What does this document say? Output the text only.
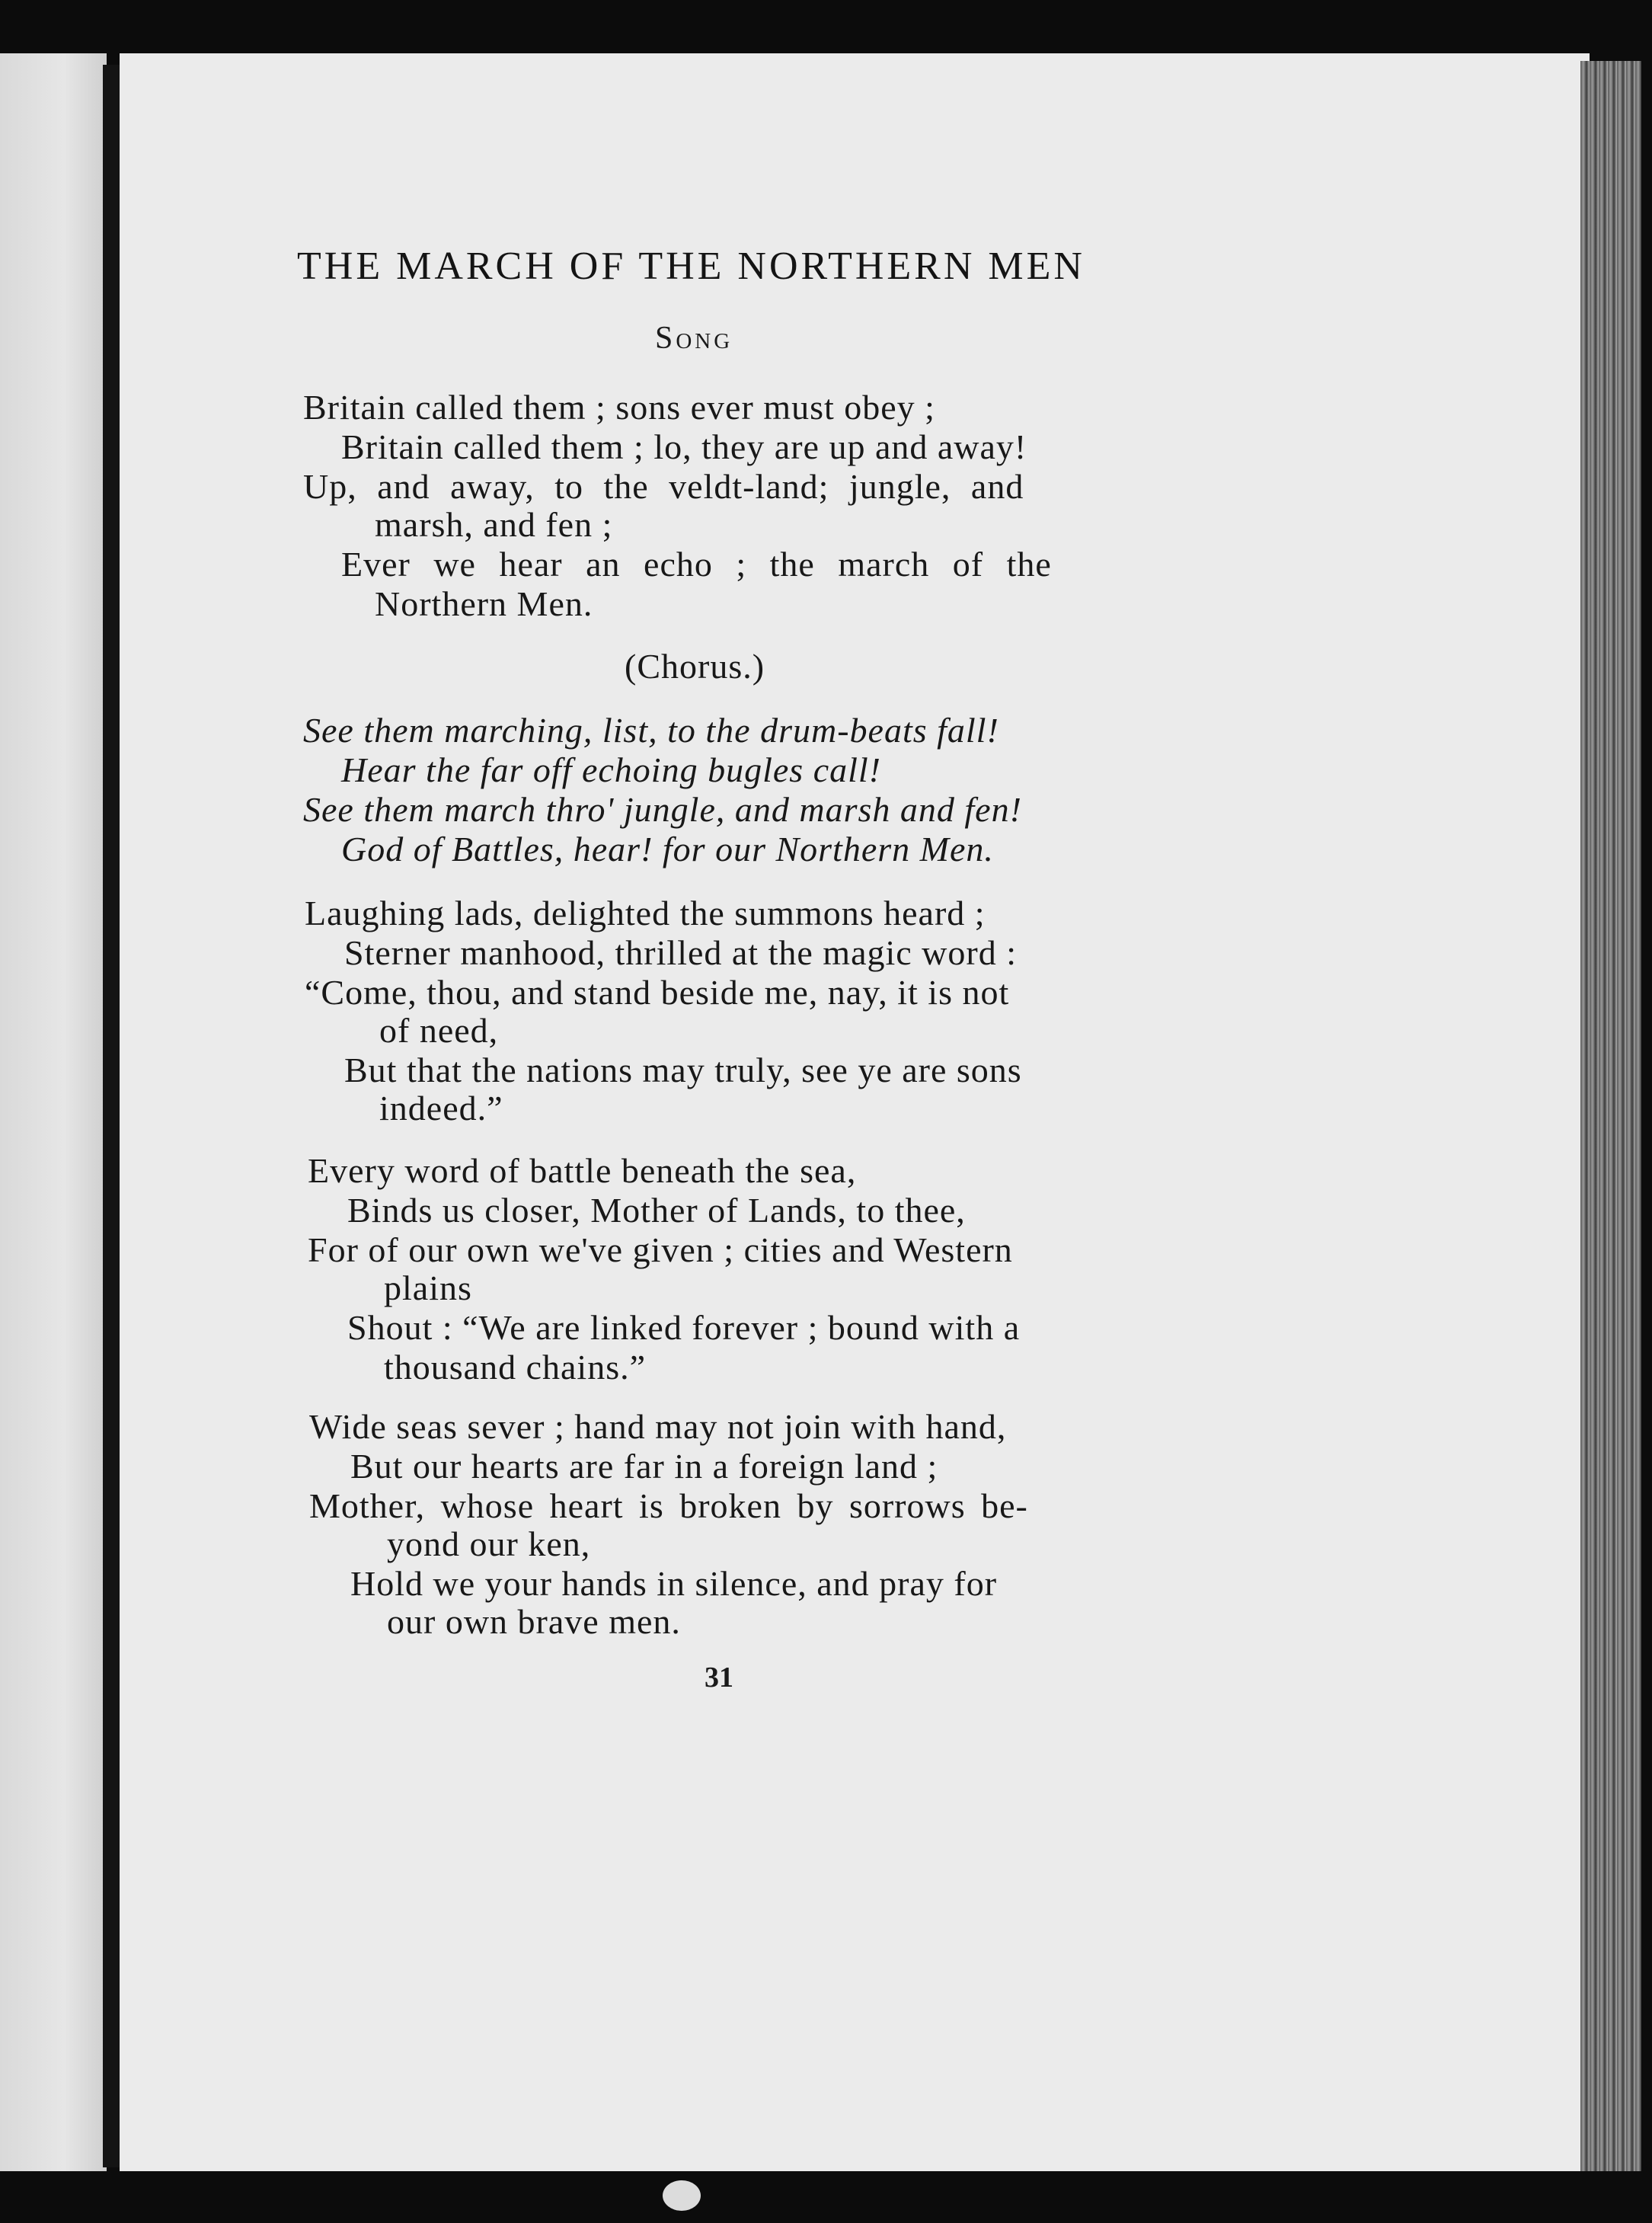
THE MARCH OF THE NORTHERN MEN
Song
Britain called them ; sons ever must obey ;
Britain called them ; lo, they are up and away!
Up, and away, to the veldt-land; jungle, and
marsh, and fen ;
Ever we hear an echo ; the march of the
Northern Men.
(Chorus.)
See them marching, list, to the drum-beats fall!
Hear the far off echoing bugles call!
See them march thro' jungle, and marsh and fen!
God of Battles, hear! for our Northern Men.
Laughing lads, delighted the summons heard ;
Sterner manhood, thrilled at the magic word :
“Come, thou, and stand beside me, nay, it is not
of need,
But that the nations may truly, see ye are sons
indeed.”
Every word of battle beneath the sea,
Binds us closer, Mother of Lands, to thee,
For of our own we've given ; cities and Western
plains
Shout : “We are linked forever ; bound with a
thousand chains.”
Wide seas sever ; hand may not join with hand,
But our hearts are far in a foreign land ;
Mother, whose heart is broken by sorrows be-
yond our ken,
Hold we your hands in silence, and pray for
our own brave men.
31
